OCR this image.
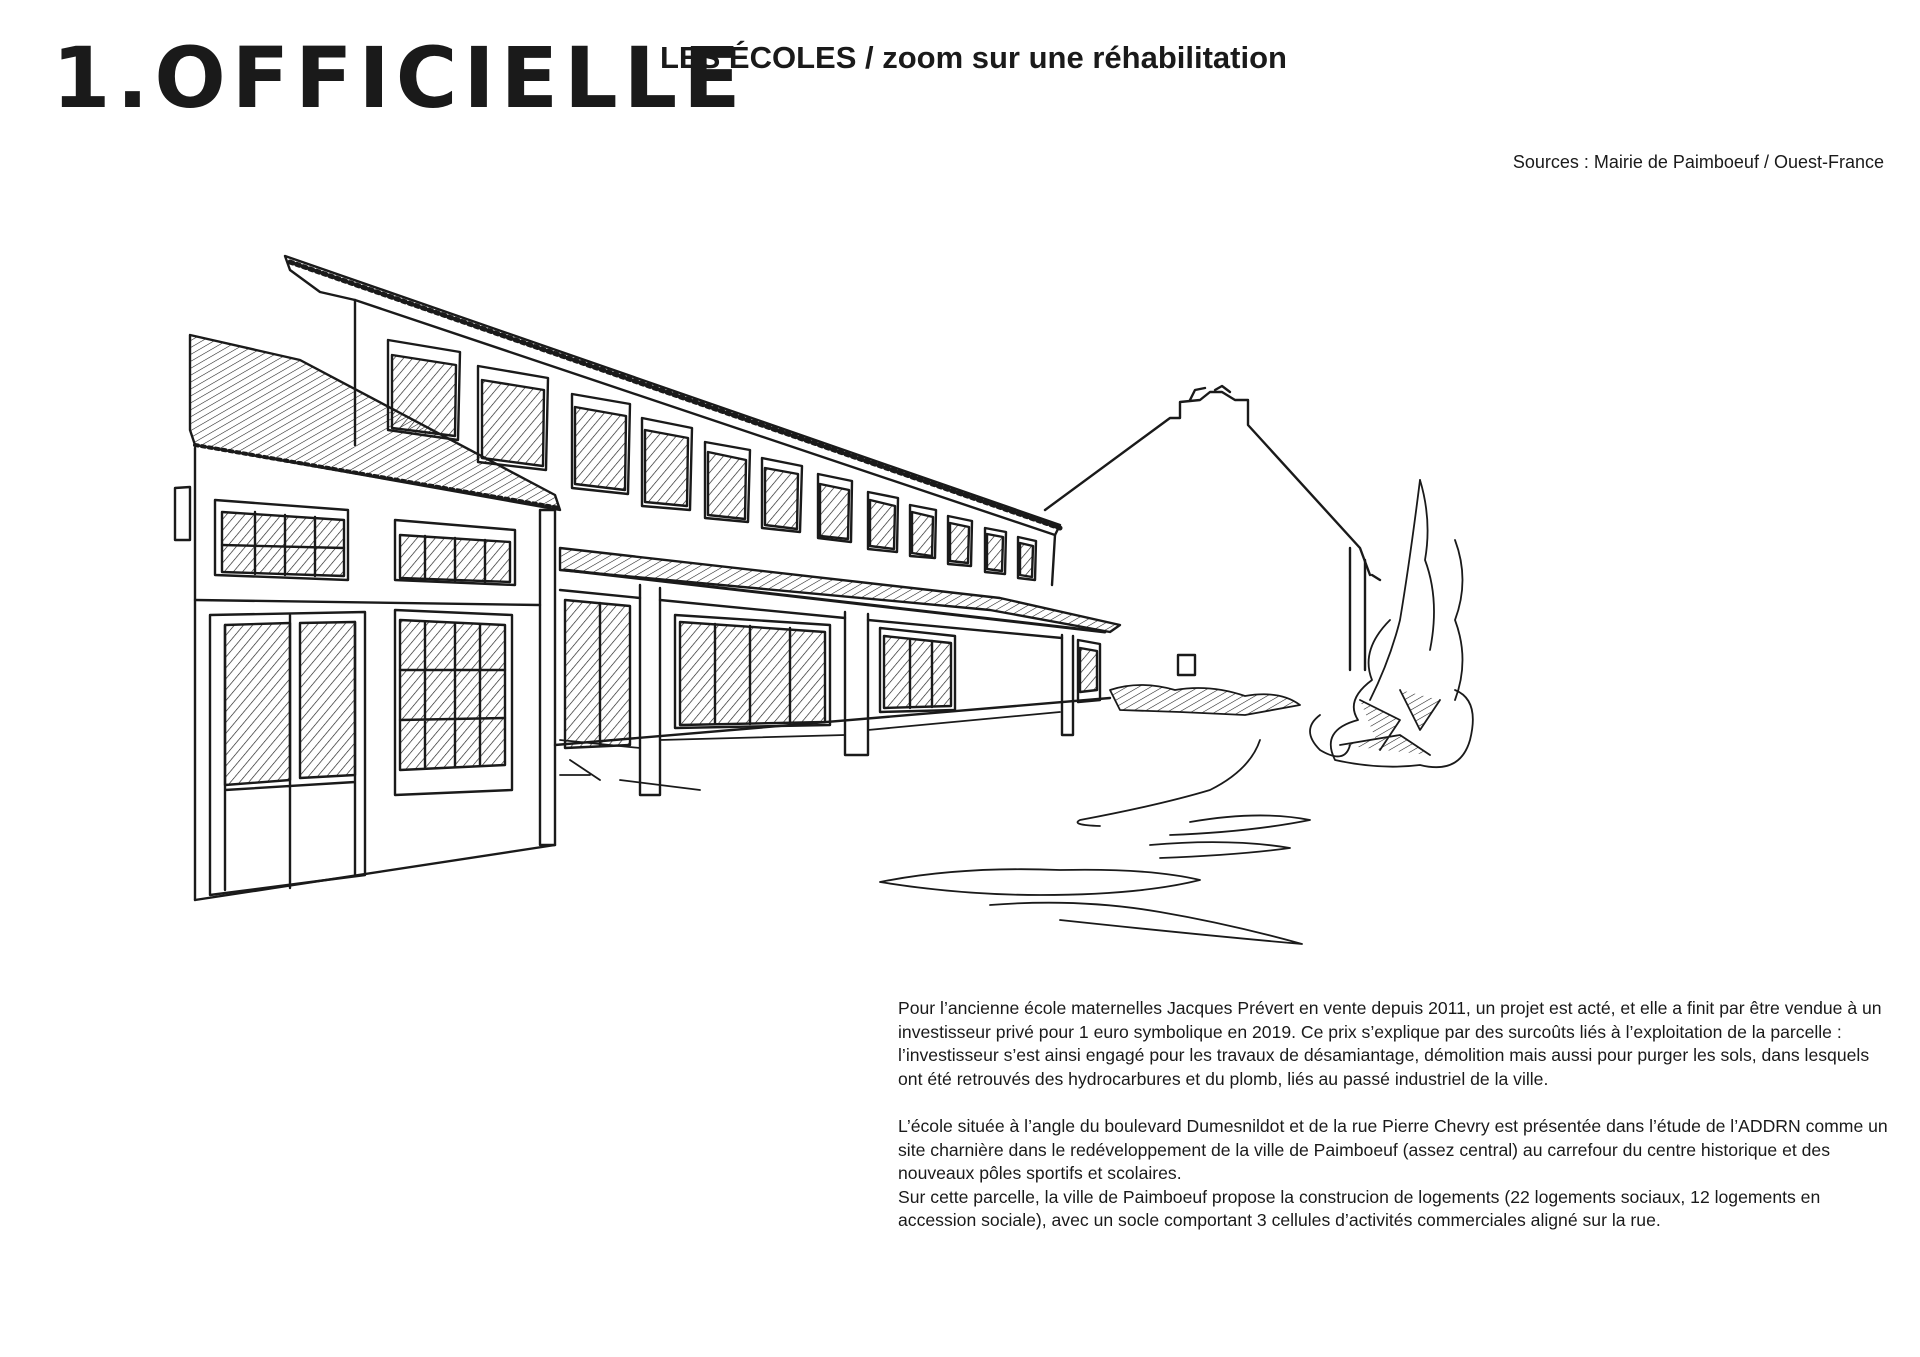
1.OFFICIELLE
LES ÉCOLES / zoom sur une réhabilitation

Sources : Mairie de Paimboeuf / Ouest-France

Pour l’ancienne école maternelles Jacques Prévert en vente depuis 2011, un projet est acté, et elle a finit par être vendue à un investisseur privé pour 1 euro symbolique en 2019. Ce prix s’explique par des surcoûts liés à l’exploitation de la parcelle : l’investisseur s’est ainsi engagé pour les travaux de désamiantage, démolition mais aussi pour purger les sols, dans lesquels ont été retrouvés des hydrocarbures et du plomb, liés au passé industriel de la ville.

L’école située à l’angle du boulevard Dumesnildot et de la rue Pierre Chevry est présentée dans l’étude de l’ADDRN comme un site charnière dans le redéveloppement de la ville de Paimboeuf (assez central) au carrefour du centre historique et des nouveaux pôles sportifs et scolaires.

Sur cette parcelle, la ville de Paimboeuf propose la construcion de logements (22 logements sociaux, 12 logements en accession sociale), avec un socle comportant 3 cellules d’activités commerciales aligné sur la rue.
